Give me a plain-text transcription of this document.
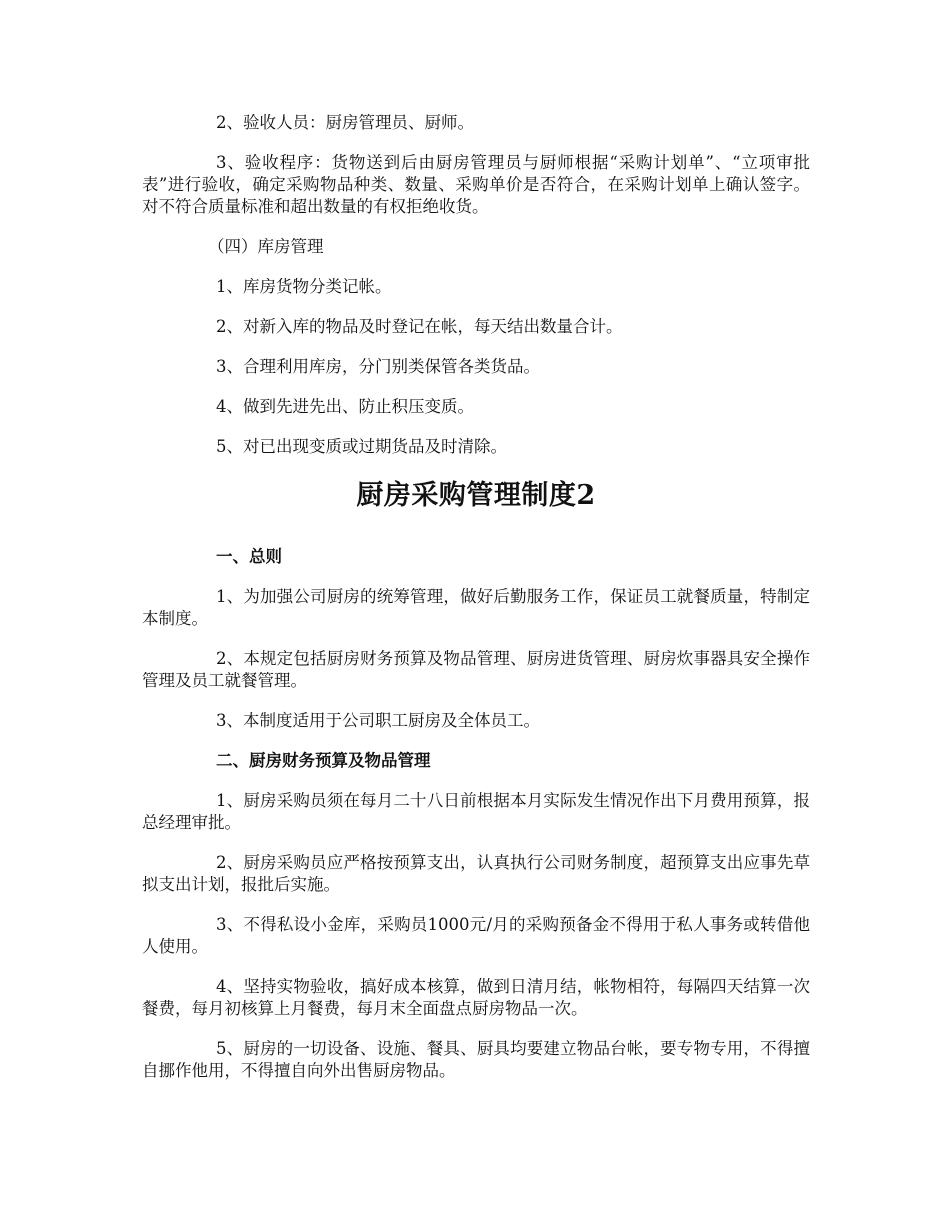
2、验收人员：厨房管理员、厨师。

3、验收程序：货物送到后由厨房管理员与厨师根据“采购计划单”、“立项审批表”进行验收，确定采购物品种类、数量、采购单价是否符合，在采购计划单上确认签字。对不符合质量标准和超出数量的有权拒绝收货。

（四）库房管理

1、库房货物分类记帐。

2、对新入库的物品及时登记在帐，每天结出数量合计。

3、合理利用库房，分门别类保管各类货品。

4、做到先进先出、防止积压变质。

5、对已出现变质或过期货品及时清除。

厨房采购管理制度2

一、总则

1、为加强公司厨房的统筹管理，做好后勤服务工作，保证员工就餐质量，特制定本制度。

2、本规定包括厨房财务预算及物品管理、厨房进货管理、厨房炊事器具安全操作管理及员工就餐管理。

3、本制度适用于公司职工厨房及全体员工。

二、厨房财务预算及物品管理

1、厨房采购员须在每月二十八日前根据本月实际发生情况作出下月费用预算，报总经理审批。

2、厨房采购员应严格按预算支出，认真执行公司财务制度，超预算支出应事先草拟支出计划，报批后实施。

3、不得私设小金库，采购员1000元/月的采购预备金不得用于私人事务或转借他人使用。

4、坚持实物验收，搞好成本核算，做到日清月结，帐物相符，每隔四天结算一次餐费，每月初核算上月餐费，每月末全面盘点厨房物品一次。

5、厨房的一切设备、设施、餐具、厨具均要建立物品台帐，要专物专用，不得擅自挪作他用，不得擅自向外出售厨房物品。
